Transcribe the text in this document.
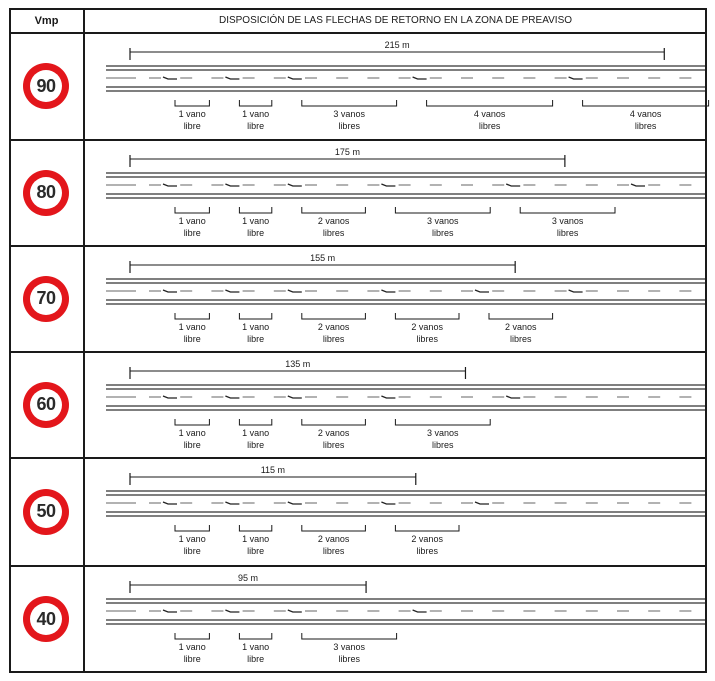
Vmp	DISPOSICIÓN DE LAS FLECHAS DE RETORNO EN LA ZONA DE PREAVISO
90
215 m
1 vano
libre
1 vano
libre
3 vanos
libres
4 vanos
libres
4 vanos
libres
80
175 m
1 vano
libre
1 vano
libre
2 vanos
libres
3 vanos
libres
3 vanos
libres
70
155 m
1 vano
libre
1 vano
libre
2 vanos
libres
2 vanos
libres
2 vanos
libres
60
135 m
1 vano
libre
1 vano
libre
2 vanos
libres
3 vanos
libres
50
115 m
1 vano
libre
1 vano
libre
2 vanos
libres
2 vanos
libres
40
95 m
1 vano
libre
1 vano
libre
3 vanos
libres
